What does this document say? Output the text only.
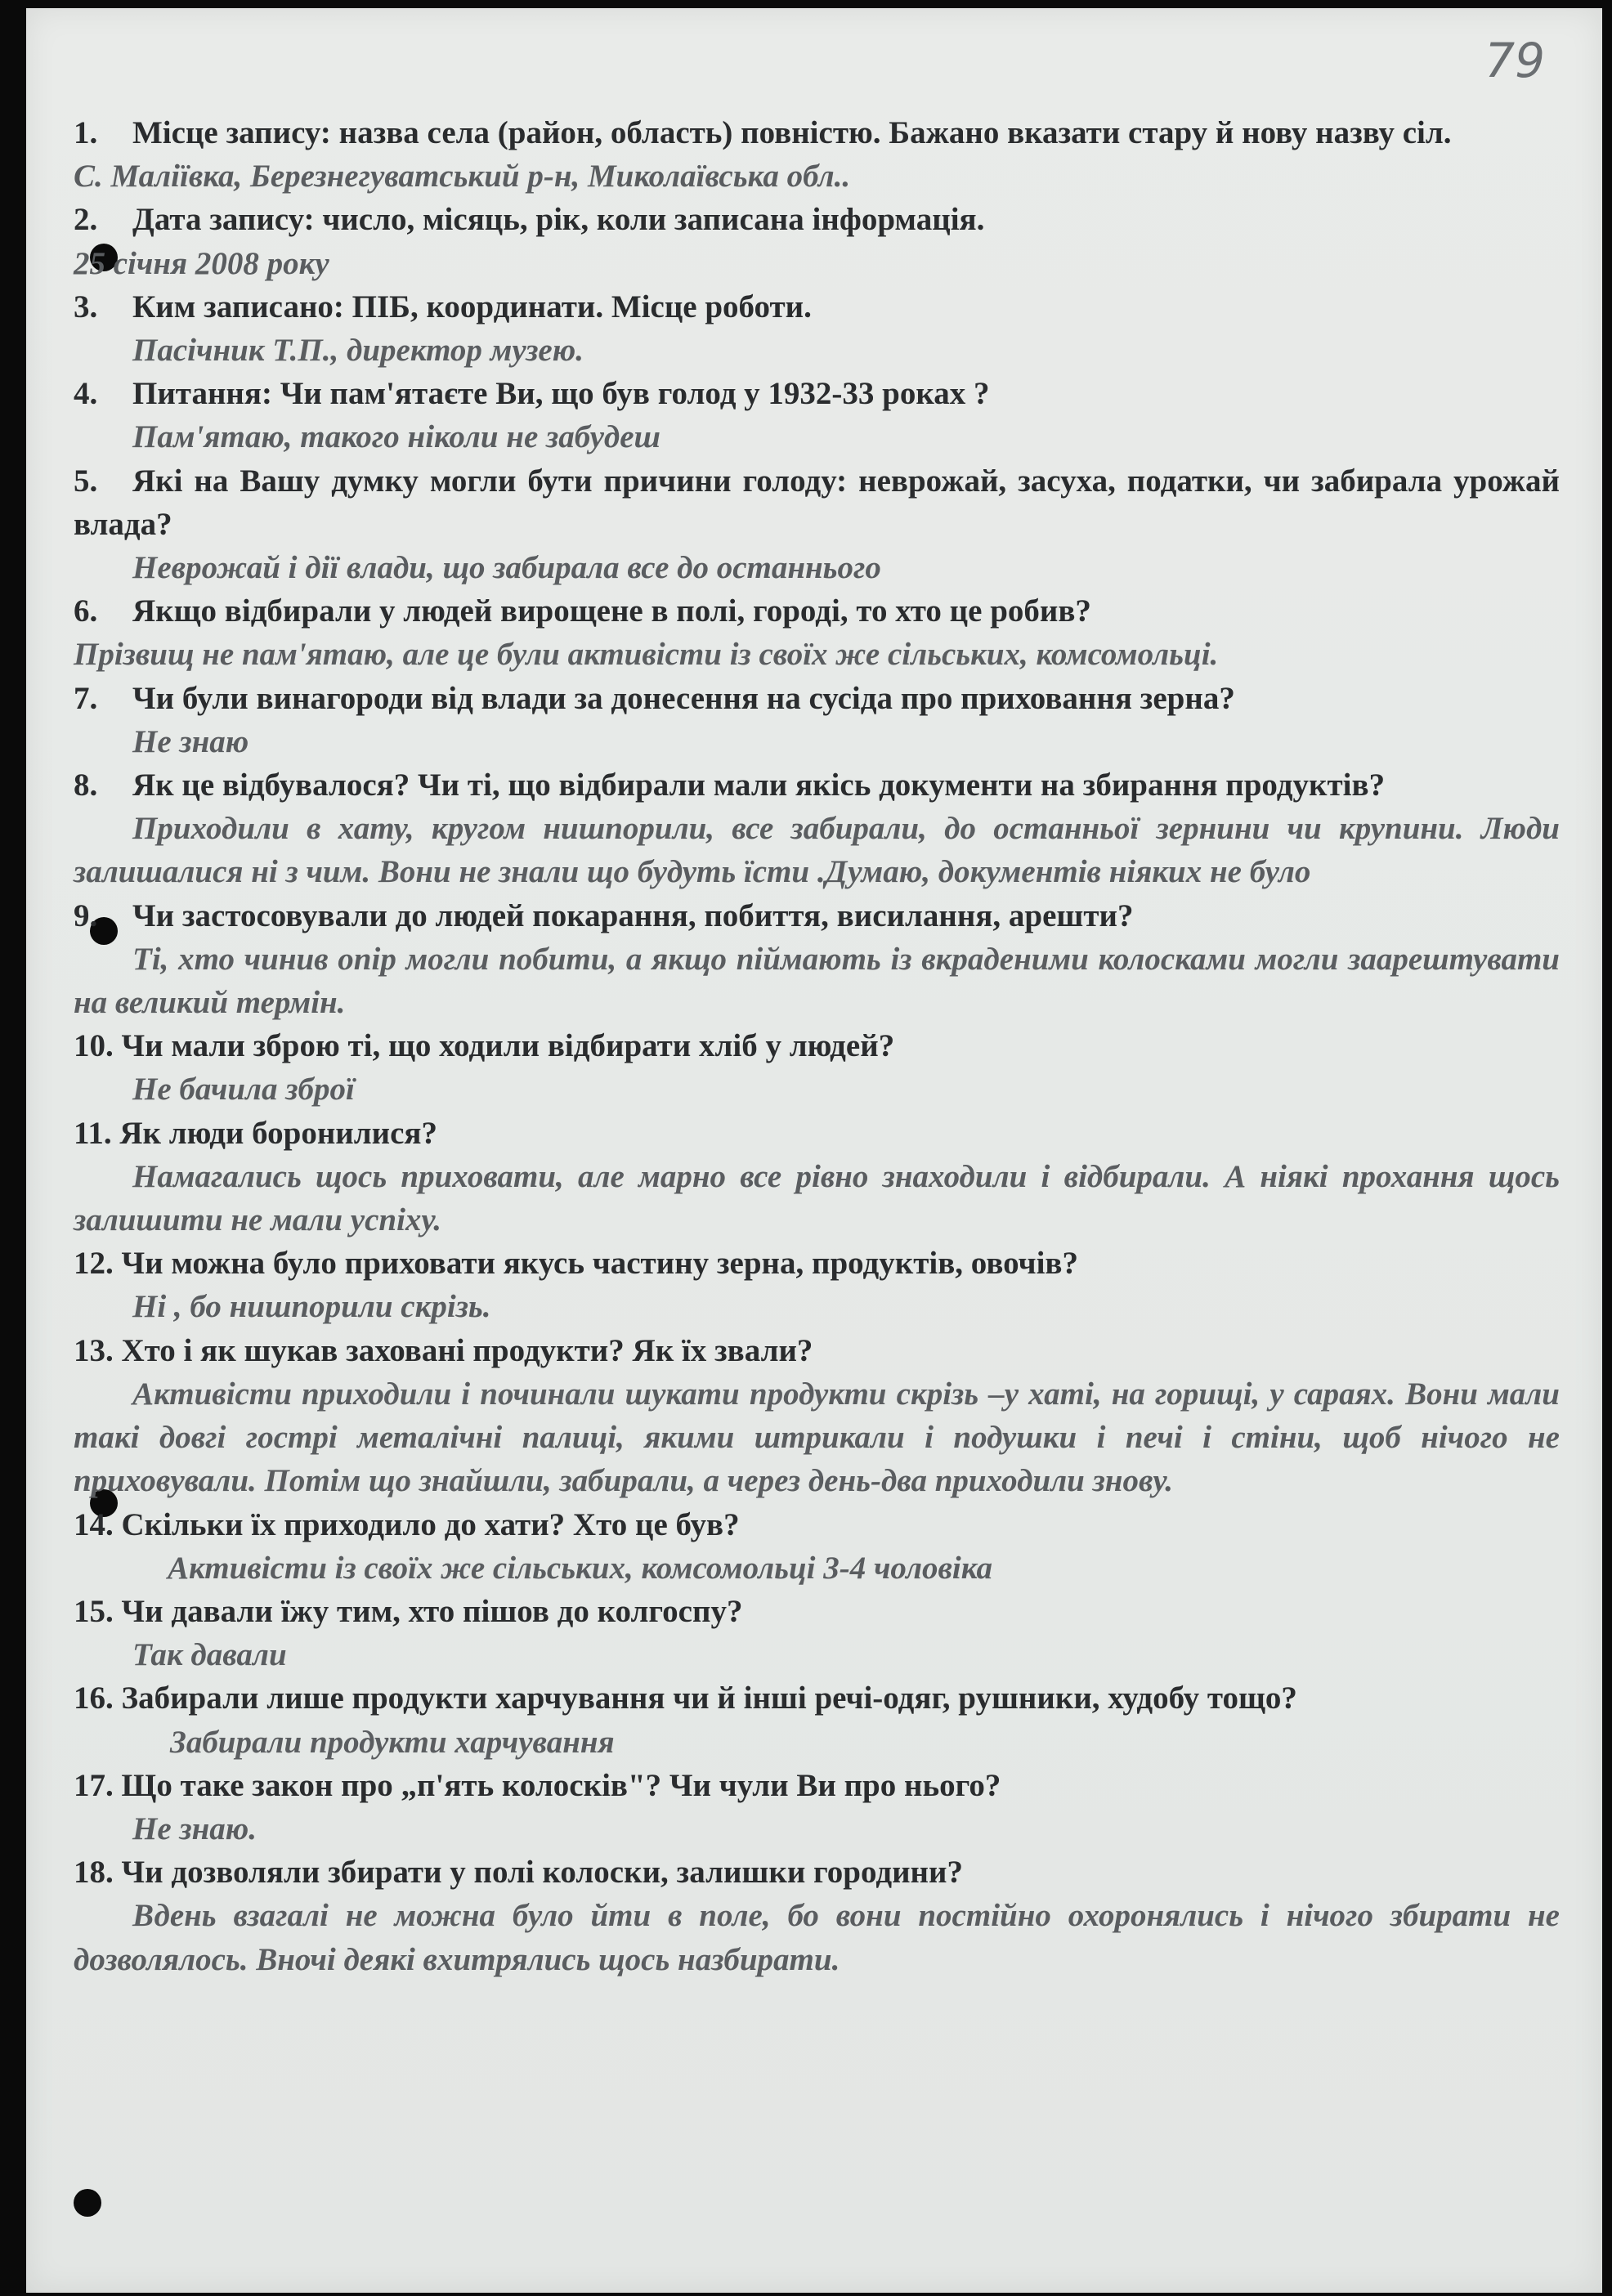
79
1. Місце запису: назва села (район, область) повністю. Бажано вказати стару й нову назву сіл.
С. Маліївка, Березнегуватський р-н, Миколаївська обл..
2. Дата запису: число, місяць, рік, коли записана інформація.
25 січня 2008 року
3. Ким записано: ПІБ, координати. Місце роботи.
Пасічник Т.П., директор музею.
4. Питання: Чи пам'ятаєте Ви, що був голод у 1932-33 роках ?
Пам'ятаю, такого ніколи не забудеш
5. Які на Вашу думку могли бути причини голоду: неврожай, засуха, податки, чи забирала урожай влада?
Неврожай і дії влади, що забирала все до останнього
6. Якщо відбирали у людей вирощене в полі, городі, то хто це робив?
Прізвищ не пам'ятаю, але це були активісти із своїх же сільських, комсомольці.
7. Чи були винагороди від влади за донесення на сусіда про приховання зерна?
Не знаю
8. Як це відбувалося? Чи ті, що відбирали мали якісь документи на збирання продуктів?
Приходили в хату, кругом нишпорили, все забирали, до останньої зернини чи крупини. Люди залишалися ні з чим. Вони не знали що будуть їсти .Думаю, документів ніяких не було
9. Чи застосовували до людей покарання, побиття, висилання, арешти?
Ті, хто чинив опір могли побити, а якщо піймають із вкраденими колосками могли заарештувати на великий термін.
10. Чи мали зброю ті, що ходили відбирати хліб у людей?
Не бачила зброї
11. Як люди боронилися?
Намагались щось приховати, але марно все рівно знаходили і відбирали. А ніякі прохання щось залишити не мали успіху.
12. Чи можна було приховати якусь частину зерна, продуктів, овочів?
Ні , бо нишпорили скрізь.
13. Хто і як шукав заховані продукти? Як їх звали?
Активісти приходили і починали шукати продукти скрізь –у хаті, на горищі, у сараях. Вони мали такі довгі гострі металічні палиці, якими штрикали і подушки і печі і стіни, щоб нічого не приховували. Потім що знайшли, забирали, а через день-два приходили знову.
14. Скільки їх приходило до хати? Хто це був?
Активісти із своїх же сільських, комсомольці 3-4 чоловіка
15. Чи давали їжу тим, хто пішов до колгоспу?
Так давали
16. Забирали лише продукти харчування чи й інші речі-одяг, рушники, худобу тощо?
Забирали продукти харчування
17. Що таке закон про „п'ять колосків"? Чи чули Ви про нього?
Не знаю.
18. Чи дозволяли збирати у полі колоски, залишки городини?
Вдень взагалі не можна було йти в поле, бо вони постійно охоронялись і нічого збирати не дозволялось. Вночі деякі вхитрялись щось назбирати.
